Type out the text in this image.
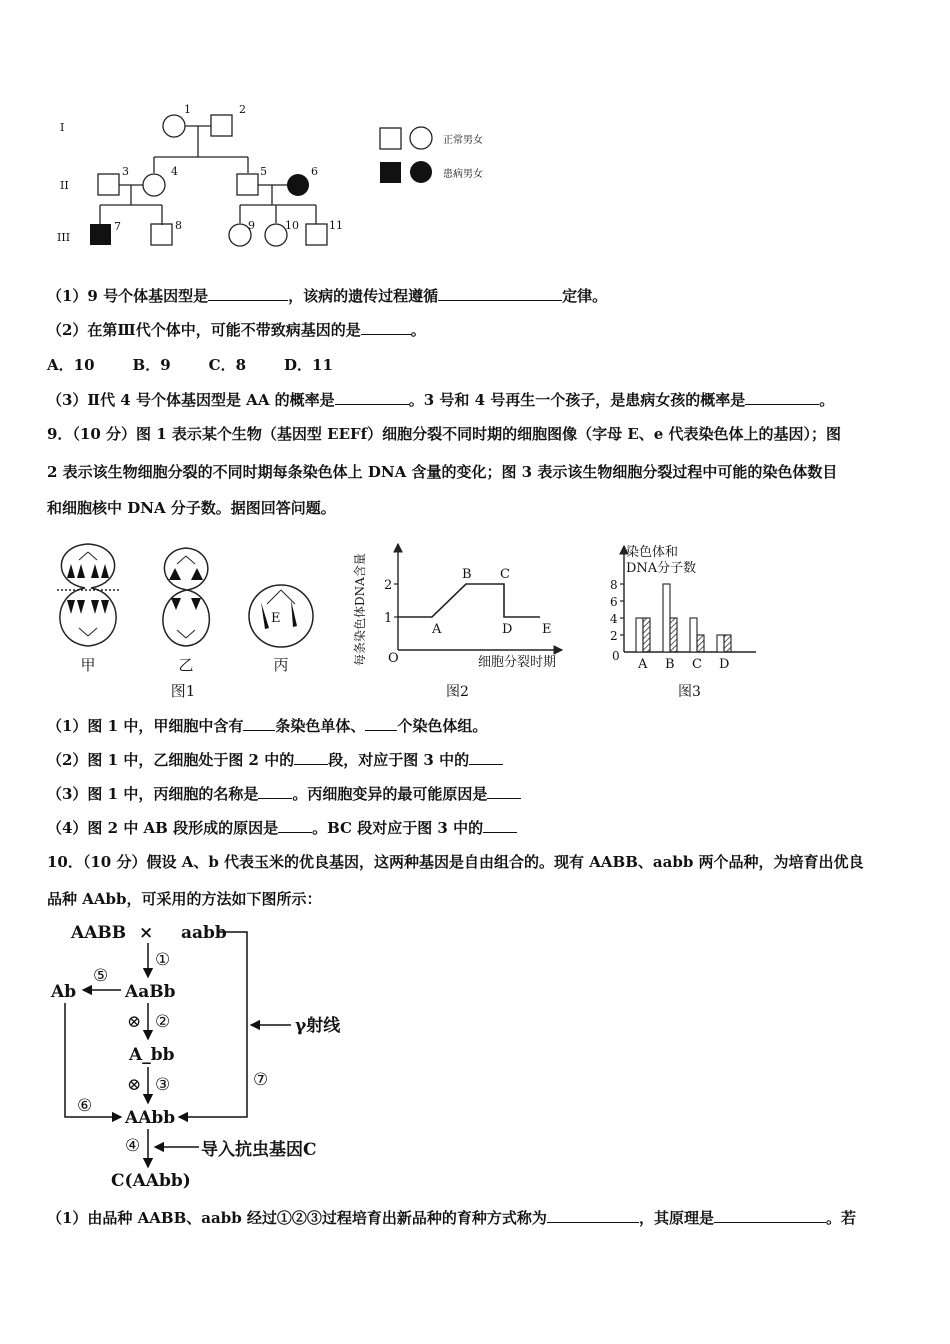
I
II
III
1	2
3	4	5	6
7	8	9	10	11
正常男女
患病男女
（1）9 号个体基因型是	，该病的遗传过程遵循	定律。
（2）在第Ⅲ代个体中，可能不带致病基因的是	。
A．10	B．9	C．8	D．11
（3）Ⅱ代 4 号个体基因型是 AA 的概率是	。3 号和 4 号再生一个孩子，是患病女孩的概率是	。
9．（10 分）图 1 表示某个生物（基因型 EEFf）细胞分裂不同时期的细胞图像（字母 E、e 代表染色体上的基因）；图
2 表示该生物细胞分裂的不同时期每条染色体上 DNA 含量的变化；图 3 表示该生物细胞分裂过程中可能的染色体数目
和细胞核中 DNA 分子数。据图回答问题。
E
甲	乙	丙
图1
O
每条染色体DNA含量	细胞分裂时期
1
2
A
B C
D E
图2
染色体和
DNA分子数
0
2
4
6
8
A B C D
图3
（1）图 1 中，甲细胞中含有 条染色单体、 个染色体组。
（2）图 1 中，乙细胞处于图 2 中的 段，对应于图 3 中的
（3）图 1 中，丙细胞的名称是 。丙细胞变异的最可能原因是
（4）图 2 中 AB 段形成的原因是 。BC 段对应于图 3 中的
10．（10 分）假设 A、b 代表玉米的优良基因，这两种基因是自由组合的。现有 AABB、aabb 两个品种，为培育出优良
品种 AAbb，可采用的方法如下图所示：
AABB × aabb
AaBb
Ab
A_bb
AAbb
C(AAbb)
γ射线
导入抗虫基因C
①
②
③
④
⑤
⑥
⑦
⊗
⊗
（1）由品种 AABB、aabb 经过①②③过程培育出新品种的育种方式称为	，其原理是	。若
